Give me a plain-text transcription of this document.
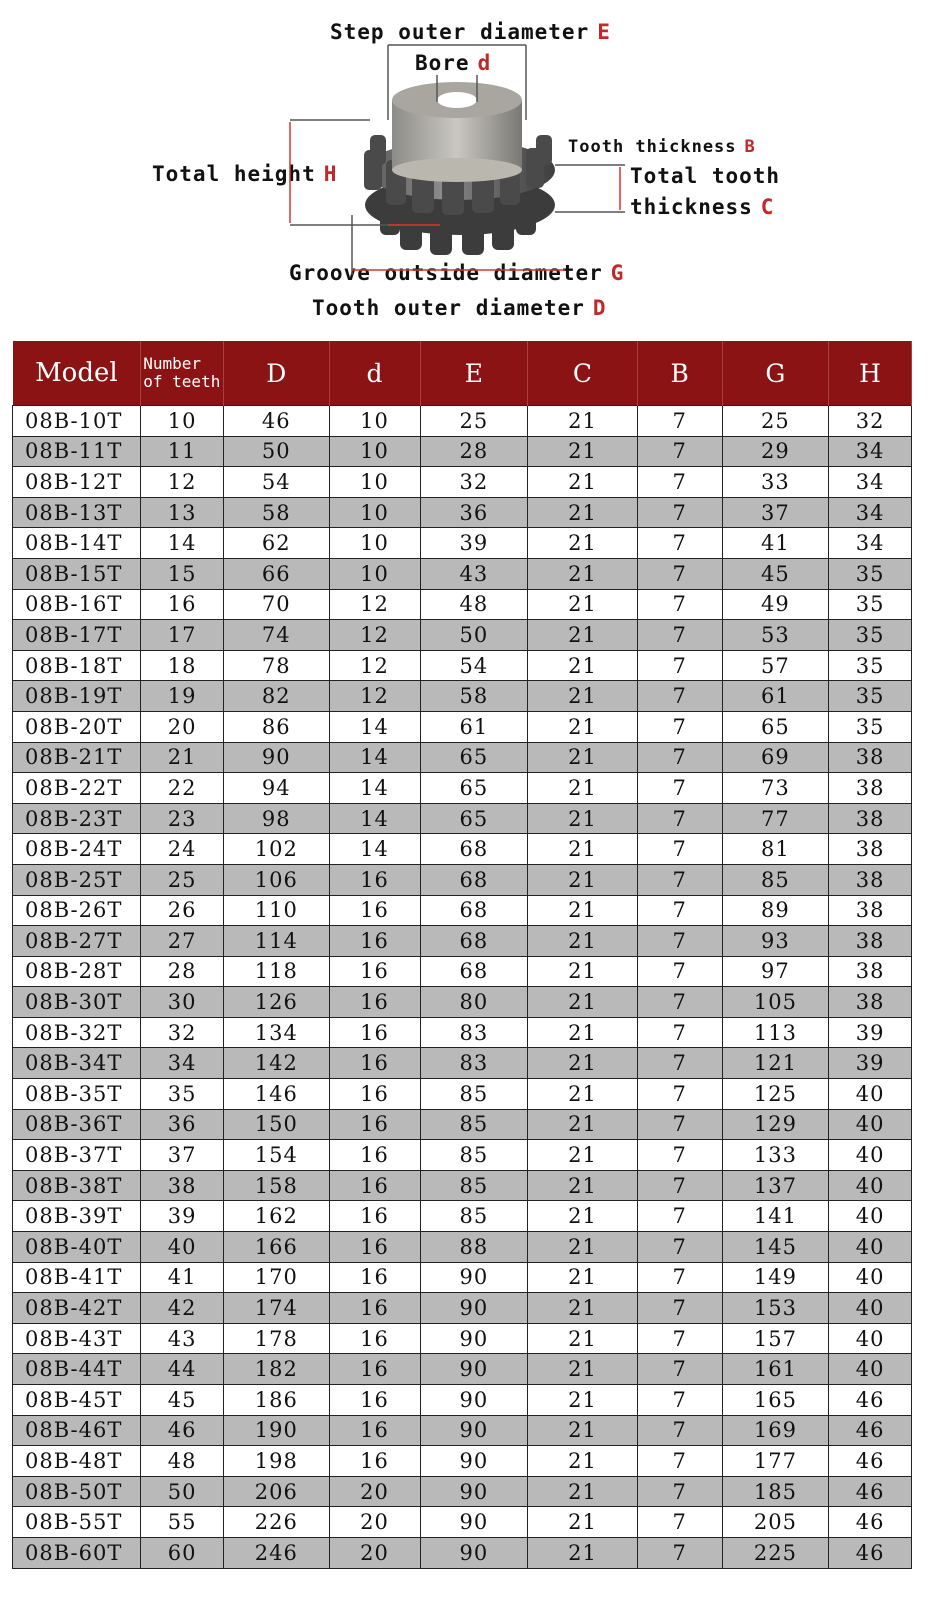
Step outer diameter E
Bore d
Tooth thickness B
Total height H	Total tooth
thickness C
Groove outside diameter G
Tooth outer diameter D
Model	Number of teeth	D	d	E	C	B	G	H
08B-10T	10	46	10	25	21	7	25	32
08B-11T	11	50	10	28	21	7	29	34
08B-12T	12	54	10	32	21	7	33	34
08B-13T	13	58	10	36	21	7	37	34
08B-14T	14	62	10	39	21	7	41	34
08B-15T	15	66	10	43	21	7	45	35
08B-16T	16	70	12	48	21	7	49	35
08B-17T	17	74	12	50	21	7	53	35
08B-18T	18	78	12	54	21	7	57	35
08B-19T	19	82	12	58	21	7	61	35
08B-20T	20	86	14	61	21	7	65	35
08B-21T	21	90	14	65	21	7	69	38
08B-22T	22	94	14	65	21	7	73	38
08B-23T	23	98	14	65	21	7	77	38
08B-24T	24	102	14	68	21	7	81	38
08B-25T	25	106	16	68	21	7	85	38
08B-26T	26	110	16	68	21	7	89	38
08B-27T	27	114	16	68	21	7	93	38
08B-28T	28	118	16	68	21	7	97	38
08B-30T	30	126	16	80	21	7	105	38
08B-32T	32	134	16	83	21	7	113	39
08B-34T	34	142	16	83	21	7	121	39
08B-35T	35	146	16	85	21	7	125	40
08B-36T	36	150	16	85	21	7	129	40
08B-37T	37	154	16	85	21	7	133	40
08B-38T	38	158	16	85	21	7	137	40
08B-39T	39	162	16	85	21	7	141	40
08B-40T	40	166	16	88	21	7	145	40
08B-41T	41	170	16	90	21	7	149	40
08B-42T	42	174	16	90	21	7	153	40
08B-43T	43	178	16	90	21	7	157	40
08B-44T	44	182	16	90	21	7	161	40
08B-45T	45	186	16	90	21	7	165	46
08B-46T	46	190	16	90	21	7	169	46
08B-48T	48	198	16	90	21	7	177	46
08B-50T	50	206	20	90	21	7	185	46
08B-55T	55	226	20	90	21	7	205	46
08B-60T	60	246	20	90	21	7	225	46
